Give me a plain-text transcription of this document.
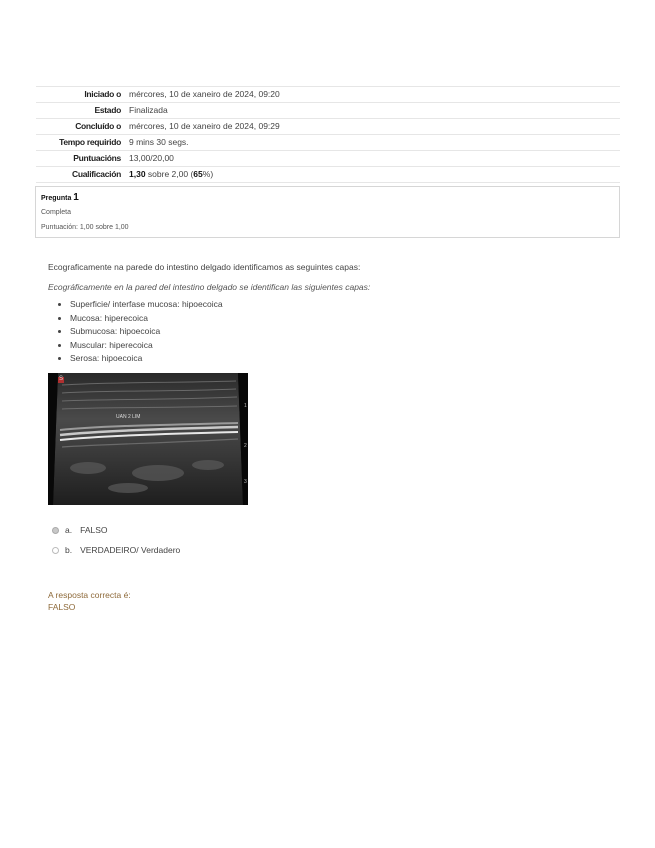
Iniciado o mércores, 10 de xaneiro de 2024, 09:20
Estado Finalizada
Concluído o mércores, 10 de xaneiro de 2024, 09:29
Tempo requirido 9 mins 30 segs.
Puntuacións 13,00/20,00
Cualificación 1,30 sobre 2,00 (65%)
Pregunta 1
Completa
Puntuación: 1,00 sobre 1,00

Ecograficamente na parede do intestino delgado identificamos as seguintes capas:

Ecográficamente en la pared del intestino delgado se identifican las siguientes capas:

• Superficie/ interfase mucosa: hipoecoica
• Mucosa: hiperecoica
• Submucosa: hipoecoica
• Muscular: hiperecoica
• Serosa: hipoecoica
S
UAN 2 LIM
1
2
3
a. FALSO
b. VERDADEIRO/ Verdadero
A resposta correcta é:
FALSO
